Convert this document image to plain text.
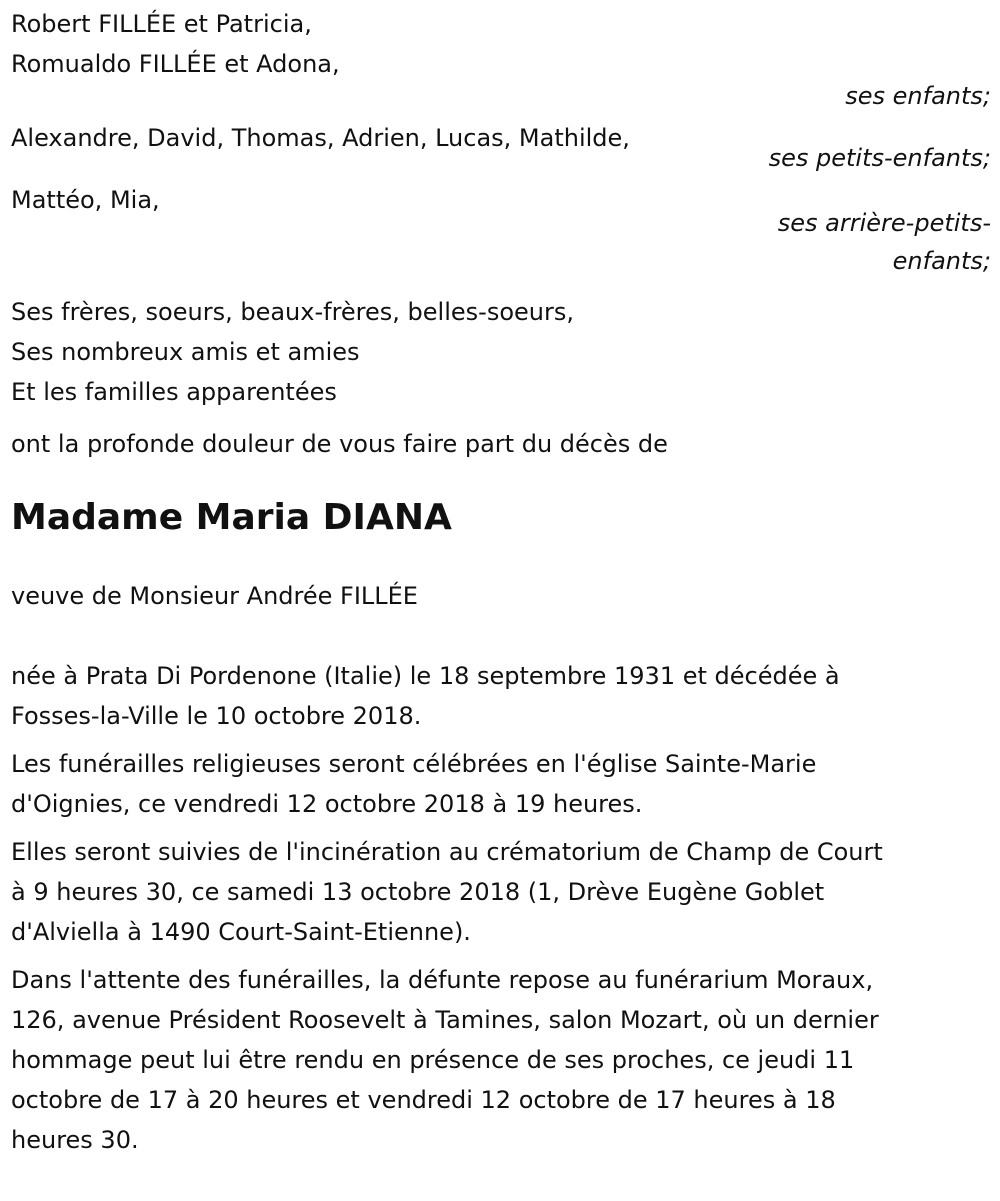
Robert FILLÉE et Patricia,
Romualdo FILLÉE et Adona,
ses enfants;
Alexandre, David, Thomas, Adrien, Lucas, Mathilde,
ses petits-enfants;
Mattéo, Mia,
ses arrière-petits-
enfants;
Ses frères, soeurs, beaux-frères, belles-soeurs,
Ses nombreux amis et amies
Et les familles apparentées
ont la profonde douleur de vous faire part du décès de
Madame Maria DIANA
veuve de Monsieur Andrée FILLÉE
née à Prata Di Pordenone (Italie) le 18 septembre 1931 et décédée à
Fosses-la-Ville le 10 octobre 2018.
Les funérailles religieuses seront célébrées en l'église Sainte-Marie
d'Oignies, ce vendredi 12 octobre 2018 à 19 heures.
Elles seront suivies de l'incinération au crématorium de Champ de Court
à 9 heures 30, ce samedi 13 octobre 2018 (1, Drève Eugène Goblet
d'Alviella à 1490 Court-Saint-Etienne).
Dans l'attente des funérailles, la défunte repose au funérarium Moraux,
126, avenue Président Roosevelt à Tamines, salon Mozart, où un dernier
hommage peut lui être rendu en présence de ses proches, ce jeudi 11
octobre de 17 à 20 heures et vendredi 12 octobre de 17 heures à 18
heures 30.
